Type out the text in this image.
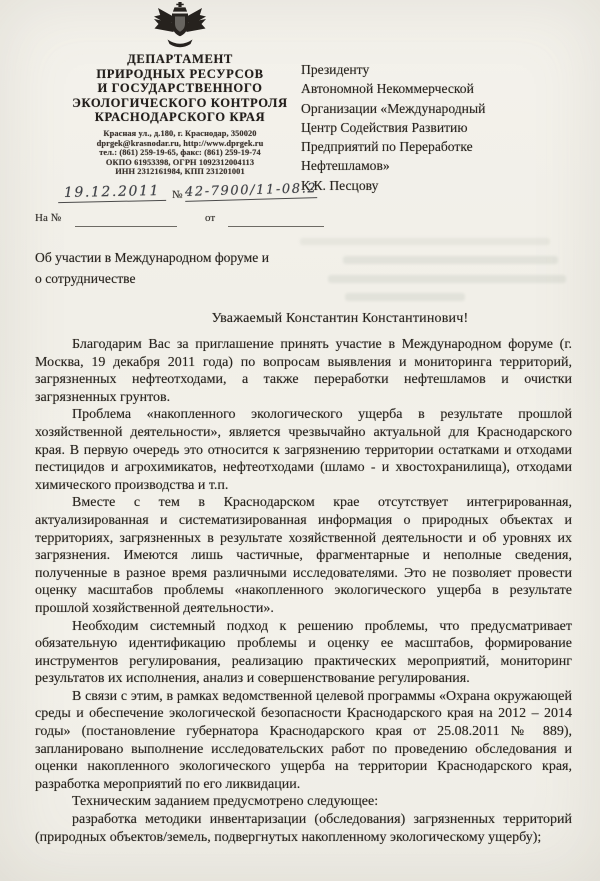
ДЕПАРТАМЕНТ
ПРИРОДНЫХ РЕСУРСОВ
И ГОСУДАРСТВЕННОГО
ЭКОЛОГИЧЕСКОГО КОНТРОЛЯ
КРАСНОДАРСКОГО КРАЯ
Красная ул., д.180, г. Краснодар, 350020
dprgek@krasnodar.ru, http://www.dprgek.ru
тел.: (861) 259-19-65, факс: (861) 259-19-74
ОКПО 61953398, ОГРН 1092312004113
ИНН 2312161984, КПП 231201001
19.12.2011	№ 42-7900/11-08.2
На №	от
Президенту
Автономной Некоммерческой
Организации «Международный
Центр Содействия Развитию
Предприятий по Переработке
Нефтешламов»
К.К. Песцову
Об участии в Международном форуме и
о сотрудничестве
Уважаемый Константин Константинович!
Благодарим Вас за приглашение принять участие в Международном форуме (г. Москва, 19 декабря 2011 года) по вопросам выявления и мониторинга территорий, загрязненных нефтеотходами, а также переработки нефтешламов и очистки загрязненных грунтов.
Проблема «накопленного экологического ущерба в результате прошлой хозяйственной деятельности», является чрезвычайно актуальной для Краснодарского края. В первую очередь это относится к загрязнению территории остатками и отходами пестицидов и агрохимикатов, нефтеотходами (шламо - и хвостохранилища), отходами химического производства и т.п.
Вместе с тем в Краснодарском крае отсутствует интегрированная, актуализированная и систематизированная информация о природных объектах и территориях, загрязненных в результате хозяйственной деятельности и об уровнях их загрязнения. Имеются лишь частичные, фрагментарные и неполные сведения, полученные в разное время различными исследователями. Это не позволяет провести оценку масштабов проблемы «накопленного экологического ущерба в результате прошлой хозяйственной деятельности».
Необходим системный подход к решению проблемы, что предусматривает обязательную идентификацию проблемы и оценку ее масштабов, формирование инструментов регулирования, реализацию практических мероприятий, мониторинг результатов их исполнения, анализ и совершенствование регулирования.
В связи с этим, в рамках ведомственной целевой программы «Охрана окружающей среды и обеспечение экологической безопасности Краснодарского края на 2012 – 2014 годы» (постановление губернатора Краснодарского края от 25.08.2011 № 889), запланировано выполнение исследовательских работ по проведению обследования и оценки накопленного экологического ущерба на территории Краснодарского края, разработка мероприятий по его ликвидации.
Техническим заданием предусмотрено следующее:
разработка методики инвентаризации (обследования) загрязненных территорий (природных объектов/земель, подвергнутых накопленному экологическому ущербу);
